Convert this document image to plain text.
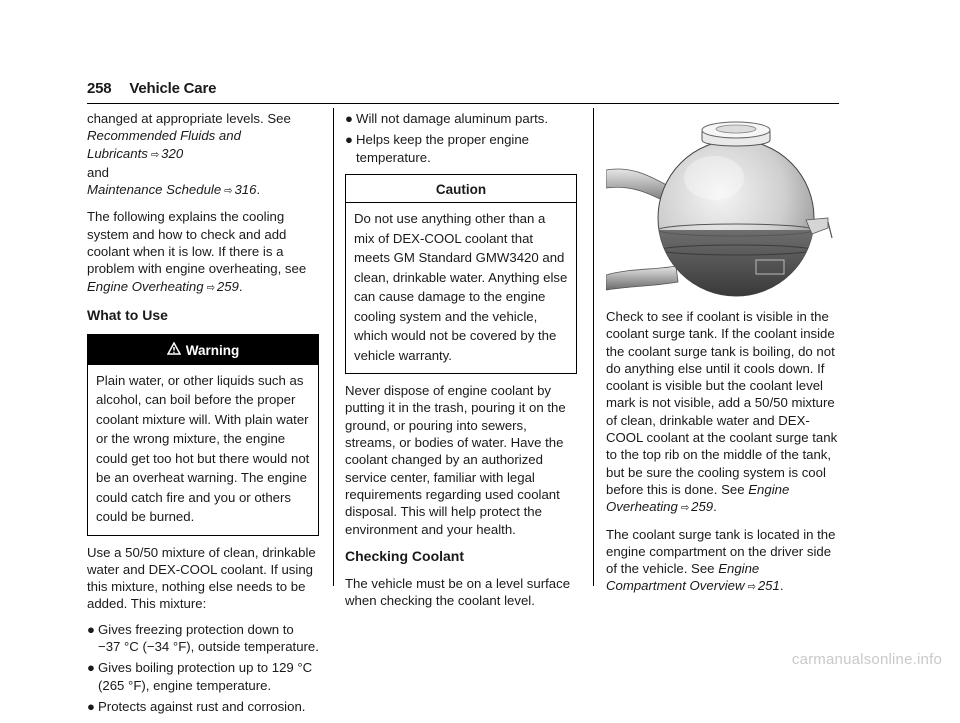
258 Vehicle Care

changed at appropriate levels. See
Recommended Fluids and Lubricants ⇨ 320
and
Maintenance Schedule ⇨ 316.

The following explains the cooling system and how to check and add coolant when it is low. If there is a problem with engine overheating, see Engine Overheating ⇨ 259.

What to Use
Warning
Plain water, or other liquids such as alcohol, can boil before the proper coolant mixture will. With plain water or the wrong mixture, the engine could get too hot but there would not be an overheat warning. The engine could catch fire and you or others could be burned.

Use a 50/50 mixture of clean, drinkable water and DEX-COOL coolant. If using this mixture, nothing else needs to be added. This mixture:

● Gives freezing protection down to −37 °C (−34 °F), outside temperature.
● Gives boiling protection up to 129 °C (265 °F), engine temperature.
● Protects against rust and corrosion.
● Will not damage aluminum parts.
● Helps keep the proper engine temperature.
Caution
Do not use anything other than a mix of DEX-COOL coolant that meets GM Standard GMW3420 and clean, drinkable water. Anything else can cause damage to the engine cooling system and the vehicle, which would not be covered by the vehicle warranty.

Never dispose of engine coolant by putting it in the trash, pouring it on the ground, or pouring into sewers, streams, or bodies of water. Have the coolant changed by an authorized service center, familiar with legal requirements regarding used coolant disposal. This will help protect the environment and your health.

Checking Coolant

The vehicle must be on a level surface when checking the coolant level.

Check to see if coolant is visible in the coolant surge tank. If the coolant inside the coolant surge tank is boiling, do not do anything else until it cools down. If coolant is visible but the coolant level mark is not visible, add a 50/50 mixture of clean, drinkable water and DEX-COOL coolant at the coolant surge tank to the top rib on the middle of the tank, but be sure the cooling system is cool before this is done. See Engine Overheating ⇨ 259.

The coolant surge tank is located in the engine compartment on the driver side of the vehicle. See Engine Compartment Overview ⇨ 251.

carmanualsonline.info
